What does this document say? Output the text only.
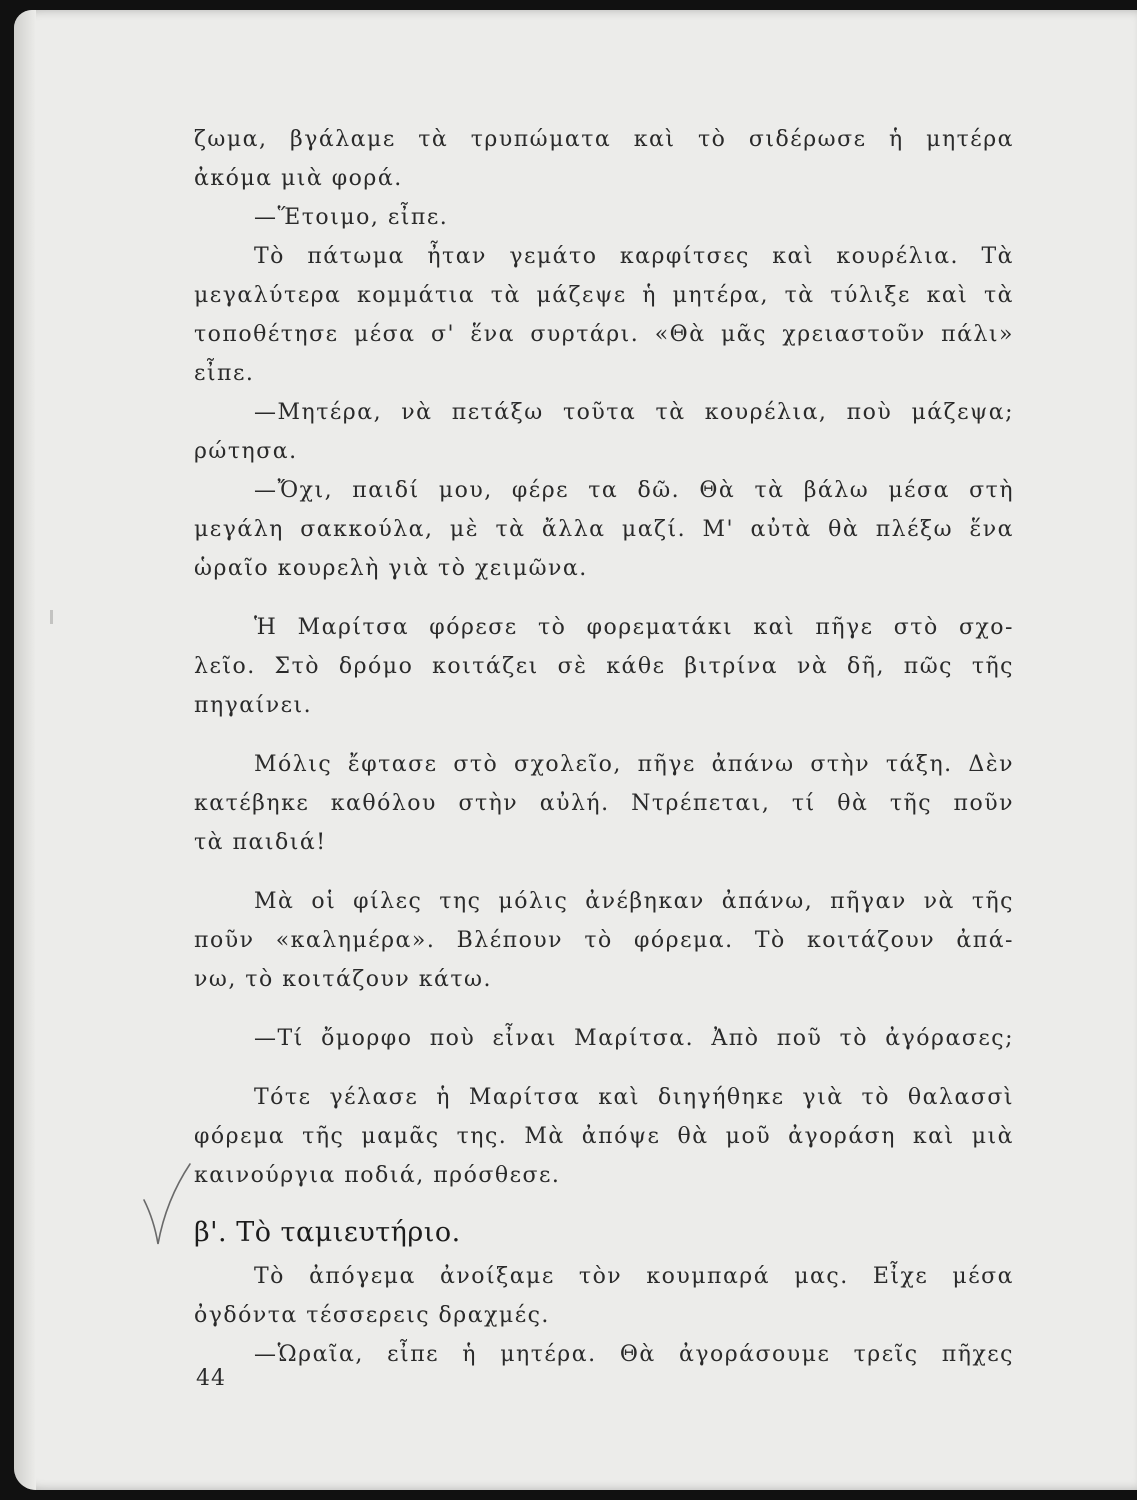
ζωμα, βγάλαμε τὰ τρυπώματα καὶ τὸ σιδέρωσε ἡ μητέρα
ἀκόμα μιὰ φορά.
—Ἕτοιμο, εἶπε.
Τὸ πάτωμα ἦταν γεμάτο καρφίτσες καὶ κουρέλια. Τὰ
μεγαλύτερα κομμάτια τὰ μάζεψε ἡ μητέρα, τὰ τύλιξε καὶ τὰ
τοποθέτησε μέσα σ' ἕνα συρτάρι. «Θὰ μᾶς χρειαστοῦν πάλι»
εἶπε.
—Μητέρα, νὰ πετάξω τοῦτα τὰ κουρέλια, ποὺ μάζεψα;
ρώτησα.
—Ὄχι, παιδί μου, φέρε τα δῶ. Θὰ τὰ βάλω μέσα στὴ
μεγάλη σακκούλα, μὲ τὰ ἄλλα μαζί. Μ' αὐτὰ θὰ πλέξω ἕνα
ὡραῖο κουρελὴ γιὰ τὸ χειμῶνα.
Ἡ Μαρίτσα φόρεσε τὸ φορεματάκι καὶ πῆγε στὸ σχο-
λεῖο. Στὸ δρόμο κοιτάζει σὲ κάθε βιτρίνα νὰ δῆ, πῶς τῆς
πηγαίνει.
Μόλις ἔφτασε στὸ σχολεῖο, πῆγε ἀπάνω στὴν τάξη. Δὲν
κατέβηκε καθόλου στὴν αὐλή. Ντρέπεται, τί θὰ τῆς ποῦν
τὰ παιδιά!
Μὰ οἱ φίλες της μόλις ἀνέβηκαν ἀπάνω, πῆγαν νὰ τῆς
ποῦν «καλημέρα». Βλέπουν τὸ φόρεμα. Τὸ κοιτάζουν ἀπά-
νω, τὸ κοιτάζουν κάτω.
—Τί ὄμορφο ποὺ εἶναι Μαρίτσα. Ἀπὸ ποῦ τὸ ἀγόρασες;
Τότε γέλασε ἡ Μαρίτσα καὶ διηγήθηκε γιὰ τὸ θαλασσὶ
φόρεμα τῆς μαμᾶς της. Μὰ ἀπόψε θὰ μοῦ ἀγοράση καὶ μιὰ
καινούργια ποδιά, πρόσθεσε.
β'. Τὸ ταμιευτήριο.
Τὸ ἀπόγεμα ἀνοίξαμε τὸν κουμπαρά μας. Εἶχε μέσα
ὀγδόντα τέσσερεις δραχμές.
—Ὡραῖα, εἶπε ἡ μητέρα. Θὰ ἀγοράσουμε τρεῖς πῆχες
44
